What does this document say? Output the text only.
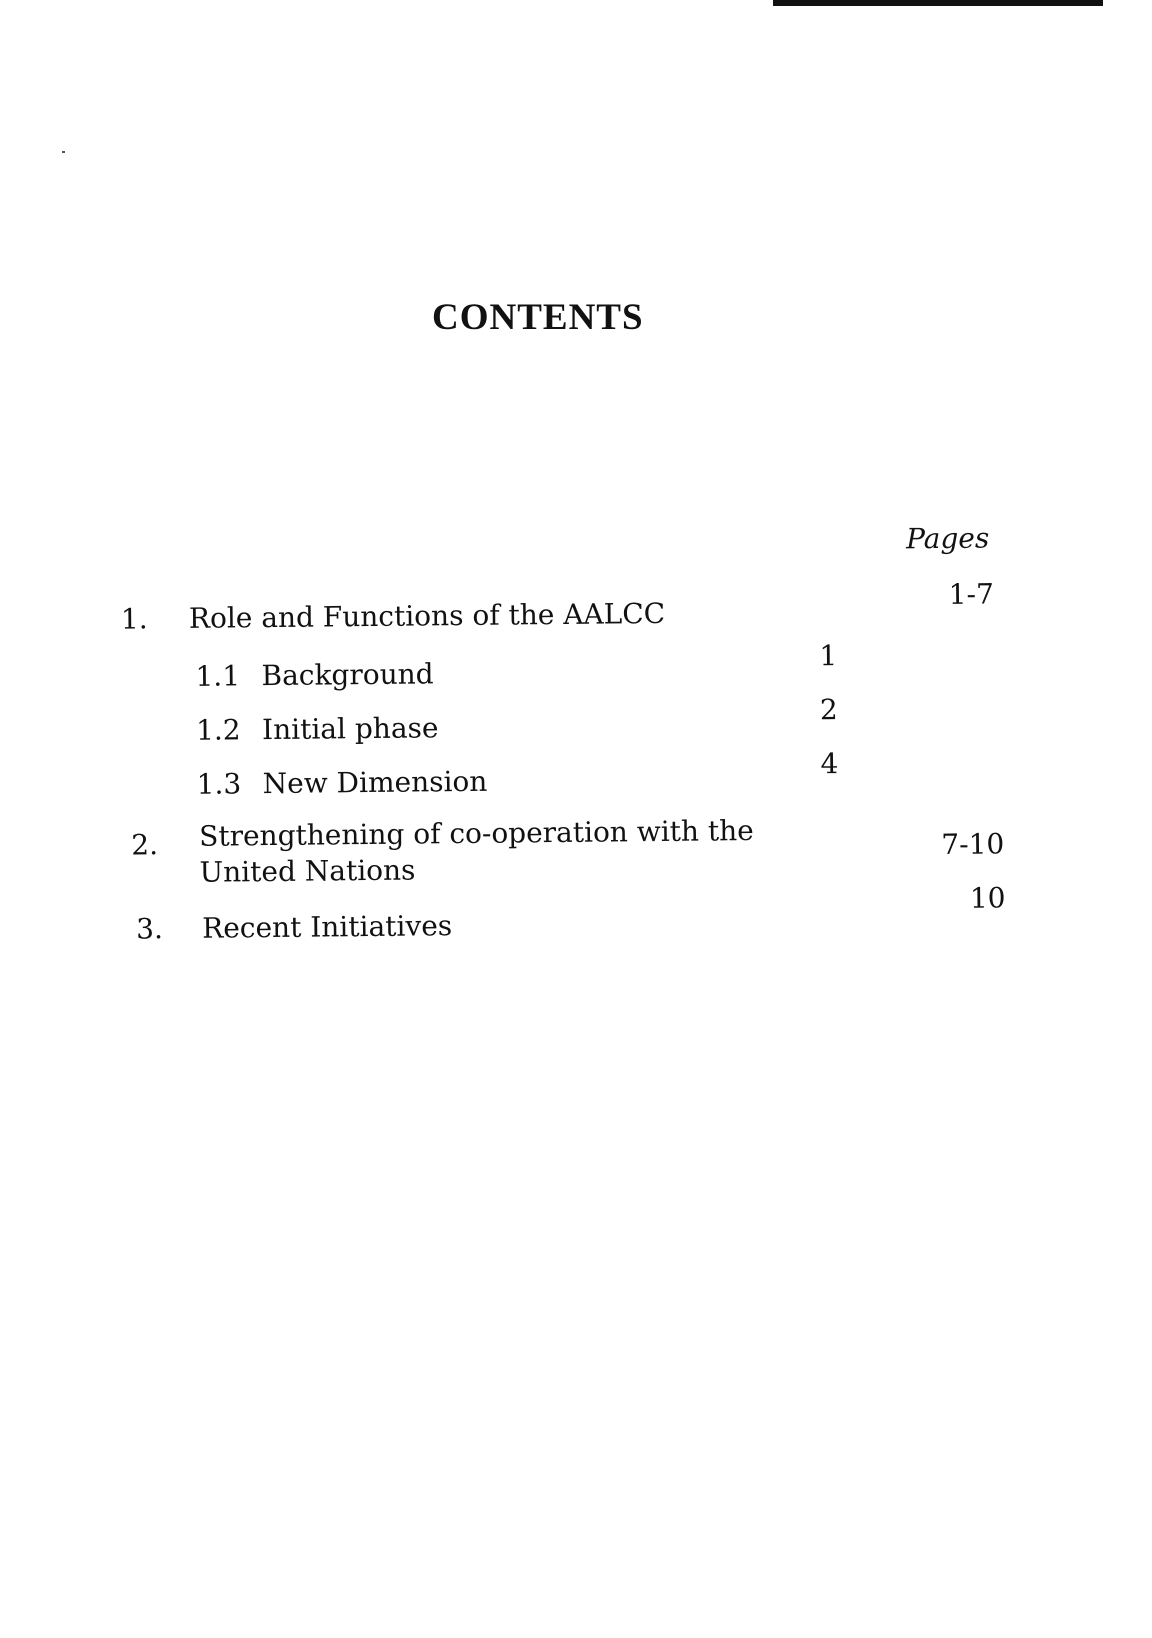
CONTENTS
Pages
1. Role and Functions of the AALCC
1-7
1.1 Background
1
1.2 Initial phase
2
1.3 New Dimension
4
2. Strengthening of co-operation with the
United Nations
7-10
3. Recent Initiatives
10
